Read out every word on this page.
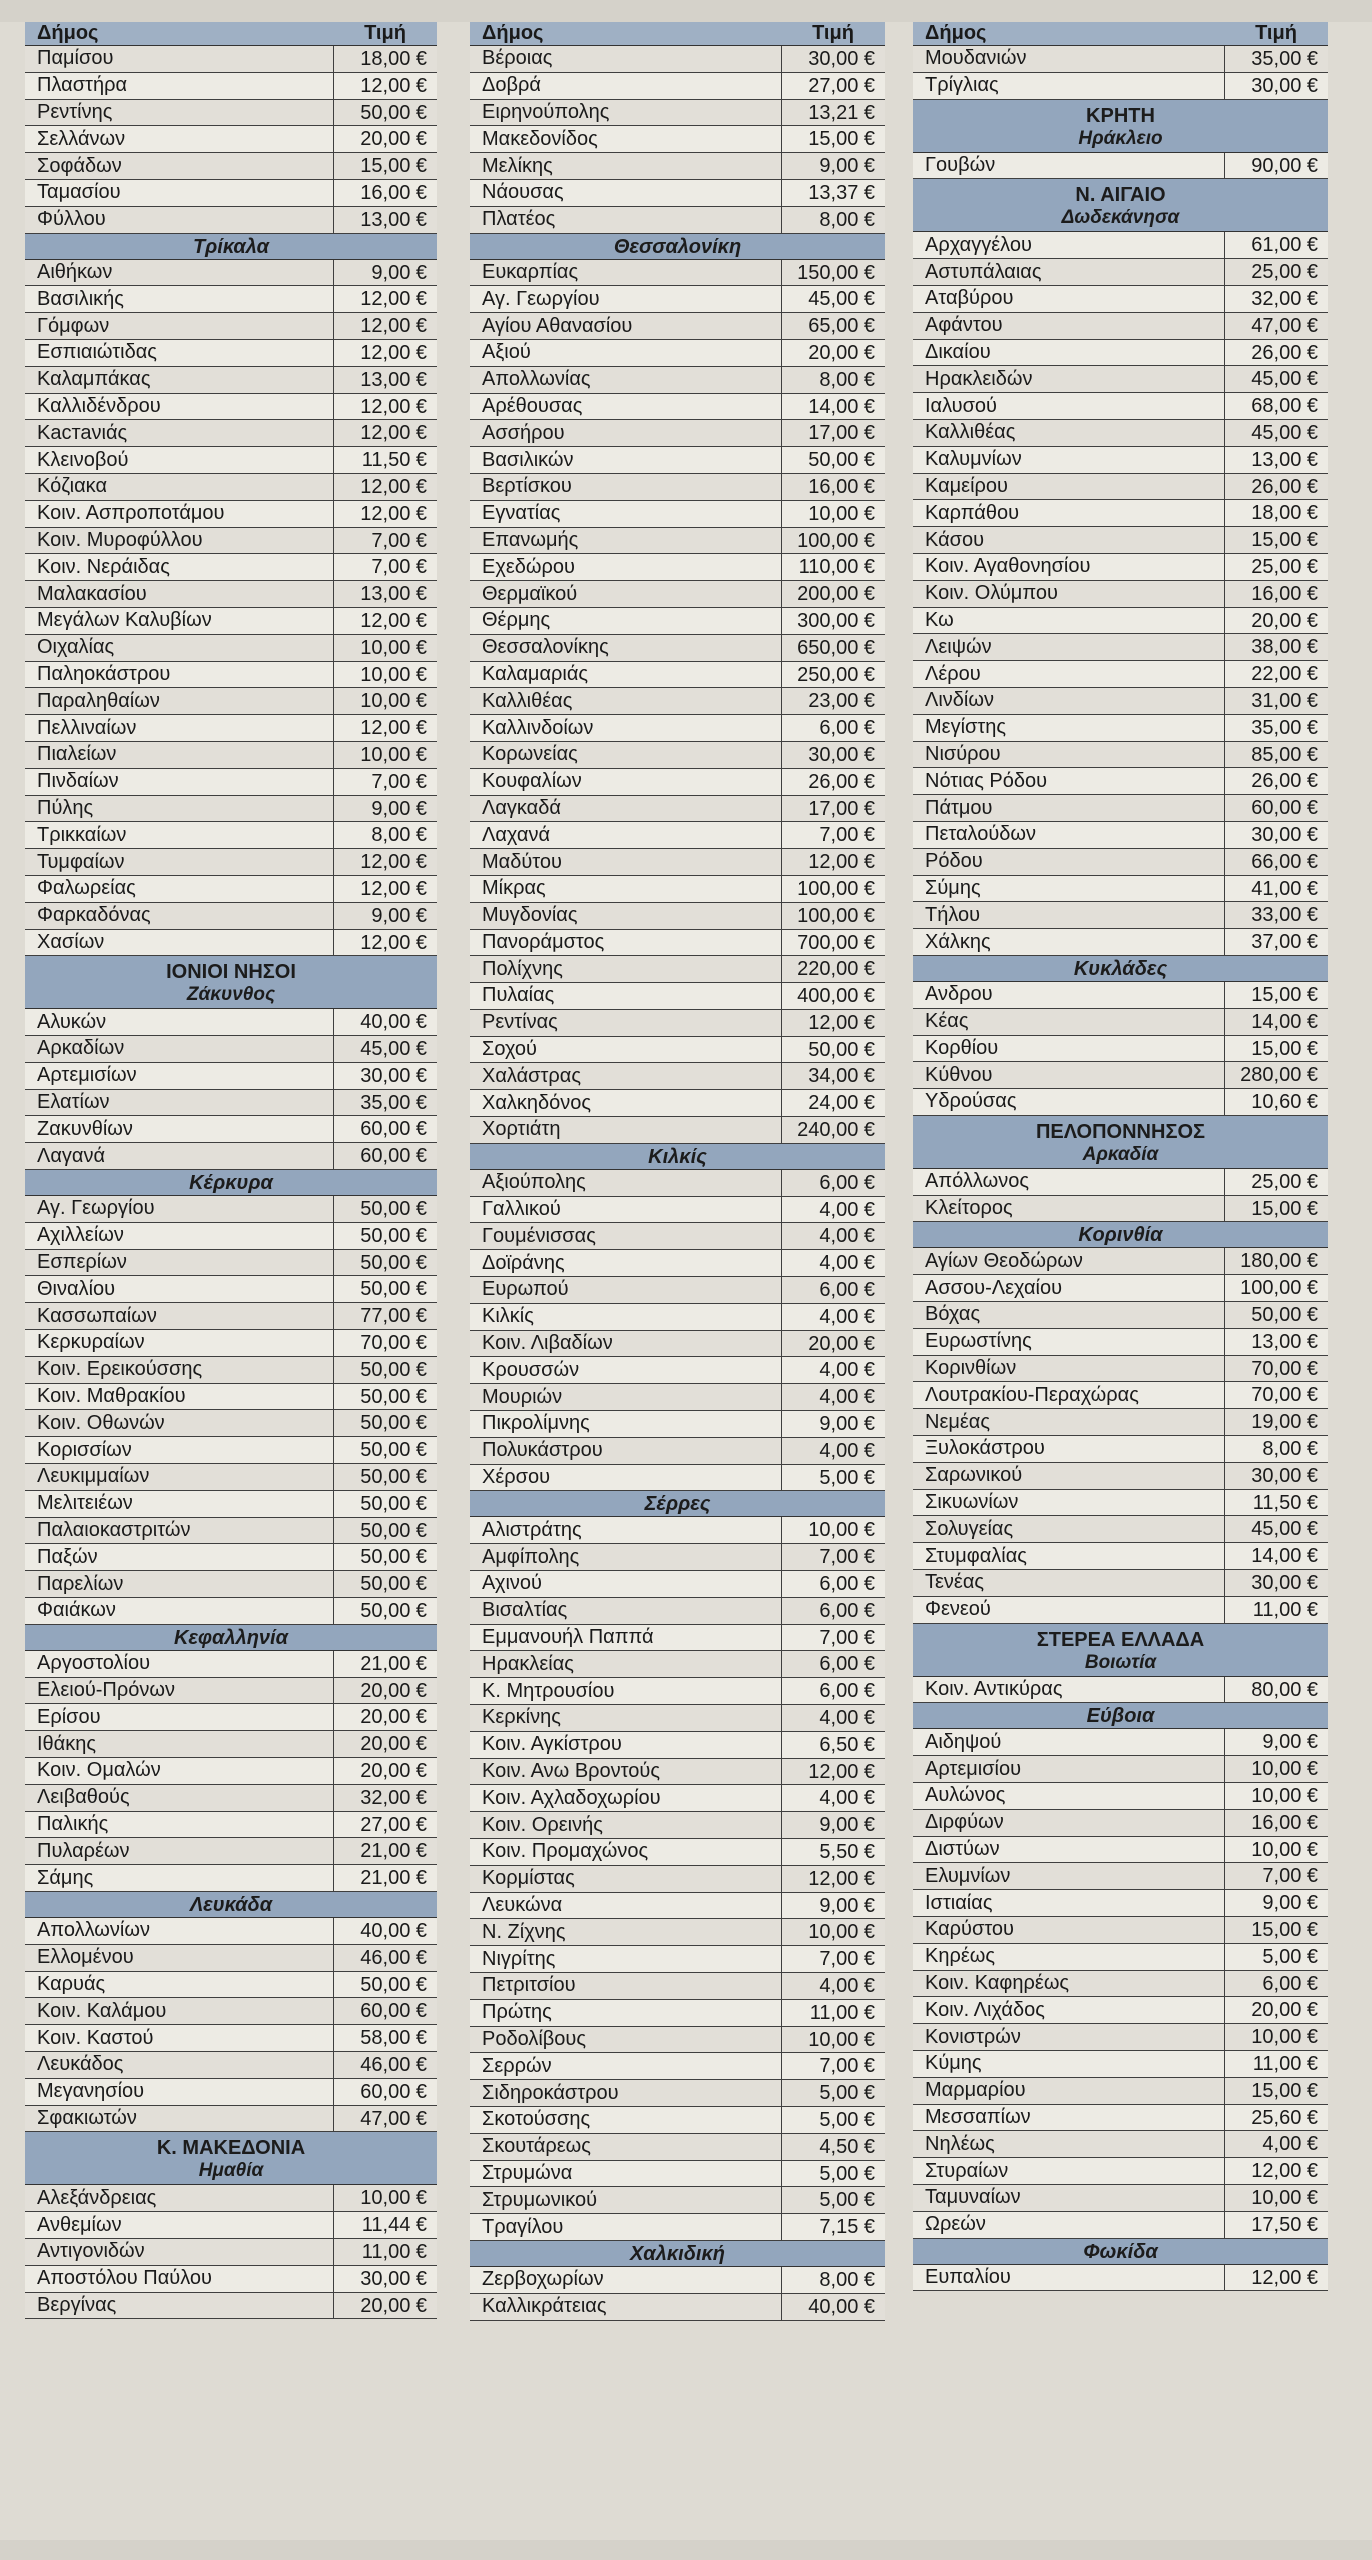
Δήμος	Τιμή
Παμίσου	18,00 €
Πλαστήρα	12,00 €
Ρεντίνης	50,00 €
Σελλάνων	20,00 €
Σοφάδων	15,00 €
Ταμασίου	16,00 €
Φύλλου	13,00 €
Τρίκαλα
Αιθήκων	9,00 €
Βασιλικής	12,00 €
Γόμφων	12,00 €
Εσπιαιώτιδας	12,00 €
Καλαμπάκας	13,00 €
Καλλιδένδρου	12,00 €
Κастаνιάς	12,00 €
Κλεινοβού	11,50 €
Κόζιακα	12,00 €
Κοιν. Ασπροποτάμου	12,00 €
Κοιν. Μυροφύλλου	7,00 €
Κοιν. Νεράιδας	7,00 €
Μαλακασίου	13,00 €
Μεγάλων Καλυβίων	12,00 €
Οιχαλίας	10,00 €
Παληοκάστρου	10,00 €
Παραληθαίων	10,00 €
Πελλιναίων	12,00 €
Πιαλείων	10,00 €
Πινδαίων	7,00 €
Πύλης	9,00 €
Τρικκαίων	8,00 €
Τυμφαίων	12,00 €
Φαλωρείας	12,00 €
Φαρκαδόνας	9,00 €
Χασίων	12,00 €
ΙΟΝΙΟΙ ΝΗΣΟΙ
Ζάκυνθος
Αλυκών	40,00 €
Αρκαδίων	45,00 €
Αρτεμισίων	30,00 €
Ελατίων	35,00 €
Ζακυνθίων	60,00 €
Λαγανά	60,00 €
Κέρκυρα
Αγ. Γεωργίου	50,00 €
Αχιλλείων	50,00 €
Εσπερίων	50,00 €
Θιναλίου	50,00 €
Κασσωπαίων	77,00 €
Κερκυραίων	70,00 €
Κοιν. Ερεικούσσης	50,00 €
Κοιν. Μαθρακίου	50,00 €
Κοιν. Οθωνών	50,00 €
Κορισσίων	50,00 €
Λευκιμμαίων	50,00 €
Μελιτειέων	50,00 €
Παλαιοκαστριτών	50,00 €
Παξών	50,00 €
Παρελίων	50,00 €
Φαιάκων	50,00 €
Κεφαλληνία
Αργοστολίου	21,00 €
Ελειού-Πρόνων	20,00 €
Ερίσου	20,00 €
Ιθάκης	20,00 €
Κοιν. Ομαλών	20,00 €
Λειβαθούς	32,00 €
Παλικής	27,00 €
Πυλαρέων	21,00 €
Σάμης	21,00 €
Λευκάδα
Απολλωνίων	40,00 €
Ελλομένου	46,00 €
Καρυάς	50,00 €
Κοιν. Καλάμου	60,00 €
Κοιν. Καστού	58,00 €
Λευκάδος	46,00 €
Μεγανησίου	60,00 €
Σφακιωτών	47,00 €
Κ. ΜΑΚΕΔΟΝΙΑ
Ημαθία
Αλεξάνδρειας	10,00 €
Ανθεμίων	11,44 €
Αντιγονιδών	11,00 €
Αποστόλου Παύλου	30,00 €
Βεργίνας	20,00 €
Δήμος	Τιμή
Βέροιας	30,00 €
Δοβρά	27,00 €
Ειρηνούπολης	13,21 €
Μακεδονίδος	15,00 €
Μελίκης	9,00 €
Νάουσας	13,37 €
Πλατέος	8,00 €
Θεσσαλονίκη
Ευκαρπίας	150,00 €
Αγ. Γεωργίου	45,00 €
Αγίου Αθανασίου	65,00 €
Αξιού	20,00 €
Απολλωνίας	8,00 €
Αρέθουσας	14,00 €
Ασσήρου	17,00 €
Βασιλικών	50,00 €
Βερτίσκου	16,00 €
Εγνατίας	10,00 €
Επανωμής	100,00 €
Εχεδώρου	110,00 €
Θερμαϊκού	200,00 €
Θέρμης	300,00 €
Θεσσαλονίκης	650,00 €
Καλαμαριάς	250,00 €
Καλλιθέας	23,00 €
Καλλινδοίων	6,00 €
Κορωνείας	30,00 €
Κουφαλίων	26,00 €
Λαγκαδά	17,00 €
Λαχανά	7,00 €
Μαδύτου	12,00 €
Μίκρας	100,00 €
Μυγδονίας	100,00 €
Πανοράμστος	700,00 €
Πολίχνης	220,00 €
Πυλαίας	400,00 €
Ρεντίνας	12,00 €
Σοχού	50,00 €
Χαλάστρας	34,00 €
Χαλκηδόνος	24,00 €
Χορτιάτη	240,00 €
Κιλκίς
Αξιούπολης	6,00 €
Γαλλικού	4,00 €
Γουμένισσας	4,00 €
Δοϊράνης	4,00 €
Ευρωπού	6,00 €
Κιλκίς	4,00 €
Κοιν. Λιβαδίων	20,00 €
Κρουσσών	4,00 €
Μουριών	4,00 €
Πικρολίμνης	9,00 €
Πολυκάστρου	4,00 €
Χέρσου	5,00 €
Σέρρες
Αλιστράτης	10,00 €
Αμφίπολης	7,00 €
Αχινού	6,00 €
Βισαλτίας	6,00 €
Εμμανουήλ Παππά	7,00 €
Ηρακλείας	6,00 €
Κ. Μητρουσίου	6,00 €
Κερκίνης	4,00 €
Κοιν. Αγκίστρου	6,50 €
Κοιν. Ανω Βροντούς	12,00 €
Κοιν. Αχλαδοχωρίου	4,00 €
Κοιν. Ορεινής	9,00 €
Κοιν. Προμαχώνος	5,50 €
Κορμίστας	12,00 €
Λευκώνα	9,00 €
Ν. Ζίχνης	10,00 €
Νιγρίτης	7,00 €
Πετριτσίου	4,00 €
Πρώτης	11,00 €
Ροδολίβους	10,00 €
Σερρών	7,00 €
Σιδηροκάστρου	5,00 €
Σκοτούσσης	5,00 €
Σκουτάρεως	4,50 €
Στρυμώνα	5,00 €
Στρυμωνικού	5,00 €
Τραγίλου	7,15 €
Χαλκιδική
Ζερβοχωρίων	8,00 €
Καλλικράτειας	40,00 €
Δήμος	Τιμή
Μουδανιών	35,00 €
Τρίγλιας	30,00 €
ΚΡΗΤΗ
Ηράκλειο
Γουβών	90,00 €
Ν. ΑΙΓΑΙΟ
Δωδεκάνησα
Αρχαγγέλου	61,00 €
Αστυπάλαιας	25,00 €
Αταβύρου	32,00 €
Αφάντου	47,00 €
Δικαίου	26,00 €
Ηρακλειδών	45,00 €
Ιαλυσού	68,00 €
Καλλιθέας	45,00 €
Καλυμνίων	13,00 €
Καμείρου	26,00 €
Καρπάθου	18,00 €
Κάσου	15,00 €
Κοιν. Αγαθονησίου	25,00 €
Κοιν. Ολύμπου	16,00 €
Κω	20,00 €
Λειψών	38,00 €
Λέρου	22,00 €
Λινδίων	31,00 €
Μεγίστης	35,00 €
Νισύρου	85,00 €
Νότιας Ρόδου	26,00 €
Πάτμου	60,00 €
Πεταλούδων	30,00 €
Ρόδου	66,00 €
Σύμης	41,00 €
Τήλου	33,00 €
Χάλκης	37,00 €
Κυκλάδες
Ανδρου	15,00 €
Κέας	14,00 €
Κορθίου	15,00 €
Κύθνου	280,00 €
Υδρούσας	10,60 €
ΠΕΛΟΠΟΝΝΗΣΟΣ
Αρκαδία
Απόλλωνος	25,00 €
Κλείτορος	15,00 €
Κορινθία
Αγίων Θεοδώρων	180,00 €
Ασσου-Λεχαίου	100,00 €
Βόχας	50,00 €
Ευρωστίνης	13,00 €
Κορινθίων	70,00 €
Λουτρακίου-Περαχώρας	70,00 €
Νεμέας	19,00 €
Ξυλοκάστρου	8,00 €
Σαρωνικού	30,00 €
Σικυωνίων	11,50 €
Σολυγείας	45,00 €
Στυμφαλίας	14,00 €
Τενέας	30,00 €
Φενεού	11,00 €
ΣΤΕΡΕΑ ΕΛΛΑΔΑ
Βοιωτία
Κοιν. Αντικύρας	80,00 €
Εύβοια
Αιδηψού	9,00 €
Αρτεμισίου	10,00 €
Αυλώνος	10,00 €
Διρφύων	16,00 €
Διστύων	10,00 €
Ελυμνίων	7,00 €
Ιστιαίας	9,00 €
Καρύστου	15,00 €
Κηρέως	5,00 €
Κοιν. Καφηρέως	6,00 €
Κοιν. Λιχάδος	20,00 €
Κονιστρών	10,00 €
Κύμης	11,00 €
Μαρμαρίου	15,00 €
Μεσσαπίων	25,60 €
Νηλέως	4,00 €
Στυραίων	12,00 €
Ταμυναίων	10,00 €
Ωρεών	17,50 €
Φωκίδα
Ευπαλίου	12,00 €
